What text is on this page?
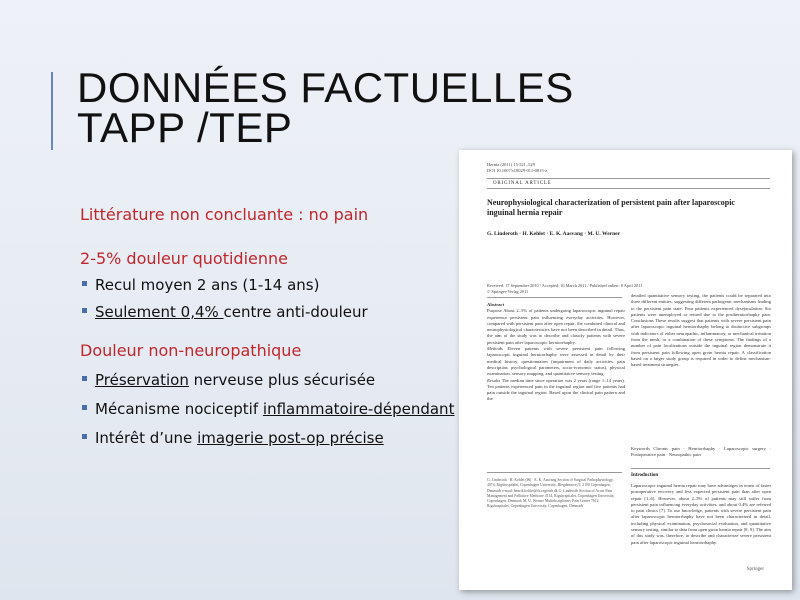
DONNÉES FACTUELLES
TAPP /TEP

Littérature non concluante : no pain

2-5% douleur quotidienne

Recul moyen 2 ans (1-14 ans)

Seulement 0,4% centre anti-douleur

Douleur non-neuropathique

Préservation nerveuse plus sécurisée

Mécanisme nociceptif inflammatoire-dépendant

Intérêt d’une imagerie post-op précise

Hernia (2011) 15:521–529
DOI 10.1007/s10029-011-0815-z
ORIGINAL ARTICLE
Neurophysiological characterization of persistent pain after laparoscopic inguinal hernia repair
G. Linderoth · H. Kehlet · E. K. Aasvang · M. U. Werner
Received: 17 September 2010 / Accepted: 16 March 2011 / Published online: 8 April 2011
© Springer-Verlag 2011
Abstract
Purpose About 2–5% of patients undergoing laparoscopic inguinal repair experience persistent pain influencing everyday activities. However, compared with persistent pain after open repair, the combined clinical and neurophysiological characteristics have not been described in detail. Thus, the aim of the study was to describe and classify patients with severe persistent pain after laparoscopic herniorrhaphy.
Methods Eleven patients with severe persistent pain following laparoscopic inguinal herniorrhaphy were assessed in detail by their medical history, questionnaires (impairment of daily activities, pain description, psychological parameters, socio-economic status), physical examination, sensory mapping, and quantitative sensory testing.
Results The median time since operation was 2 years (range 1–14 years). Ten patients experienced pain in the inguinal region and five patients had pain outside the inguinal region. Based upon the clinical pain pattern and the
detailed quantitative sensory testing, the patients could be separated into three different entities, suggesting different pathogenic mechanisms leading to the persistent pain state. Four patients experienced dysejaculation. Six patients were unemployed or retired due to the postherniorrhaphy pain. Conclusions These results suggest that patients with severe persistent pain after laparoscopic inguinal herniorrhaphy belong to distinctive subgroups with indicators of either neuropathic, inflammatory, or mechanical irritation from the mesh, or a combination of these symptoms. The findings of a number of pain localizations outside the inguinal region demonstrate it from persistent pain following open groin hernia repair. A classification based on a larger study group is required in order to define mechanism-based treatment strategies.
Keywords Chronic pain · Herniorrhaphy · Laparoscopic surgery · Postoperative pain · Neuropathic pain
Introduction
Laparoscopic inguinal hernia repair may have advantages in terms of faster postoperative recovery and less expected persistent pain than after open repair [1–6]. However, about 2–5% of patients may still suffer from persistent pain influencing everyday activities, and about 0.4% are referred to pain clinics [7]. To our knowledge, patients with severe persistent pain after laparoscopic herniorrhaphy have not been characterized in detail, including physical examination, psychosocial evaluation, and quantitative sensory testing, similar to data from open groin hernia repair [8, 9]. The aim of this study was, therefore, to describe and characterize severe persistent pain after laparoscopic inguinal herniorrhaphy.
G. Linderoth · H. Kehlet (✉) · E. K. Aasvang Section of Surgical Pathophysiology, 4074, Rigshospitalet, Copenhagen University, Blegdamsvej 9, 2100 Copenhagen, Denmark e-mail: henrik.kehlet@rh.regionh.dk G. Linderoth Section of Acute Pain Management and Palliative Medicine 4114, Rigshospitalet, Copenhagen University, Copenhagen, Denmark M. U. Werner Multidisciplinary Pain Center 7612, Rigshospitalet, Copenhagen University, Copenhagen, Denmark
Springer
